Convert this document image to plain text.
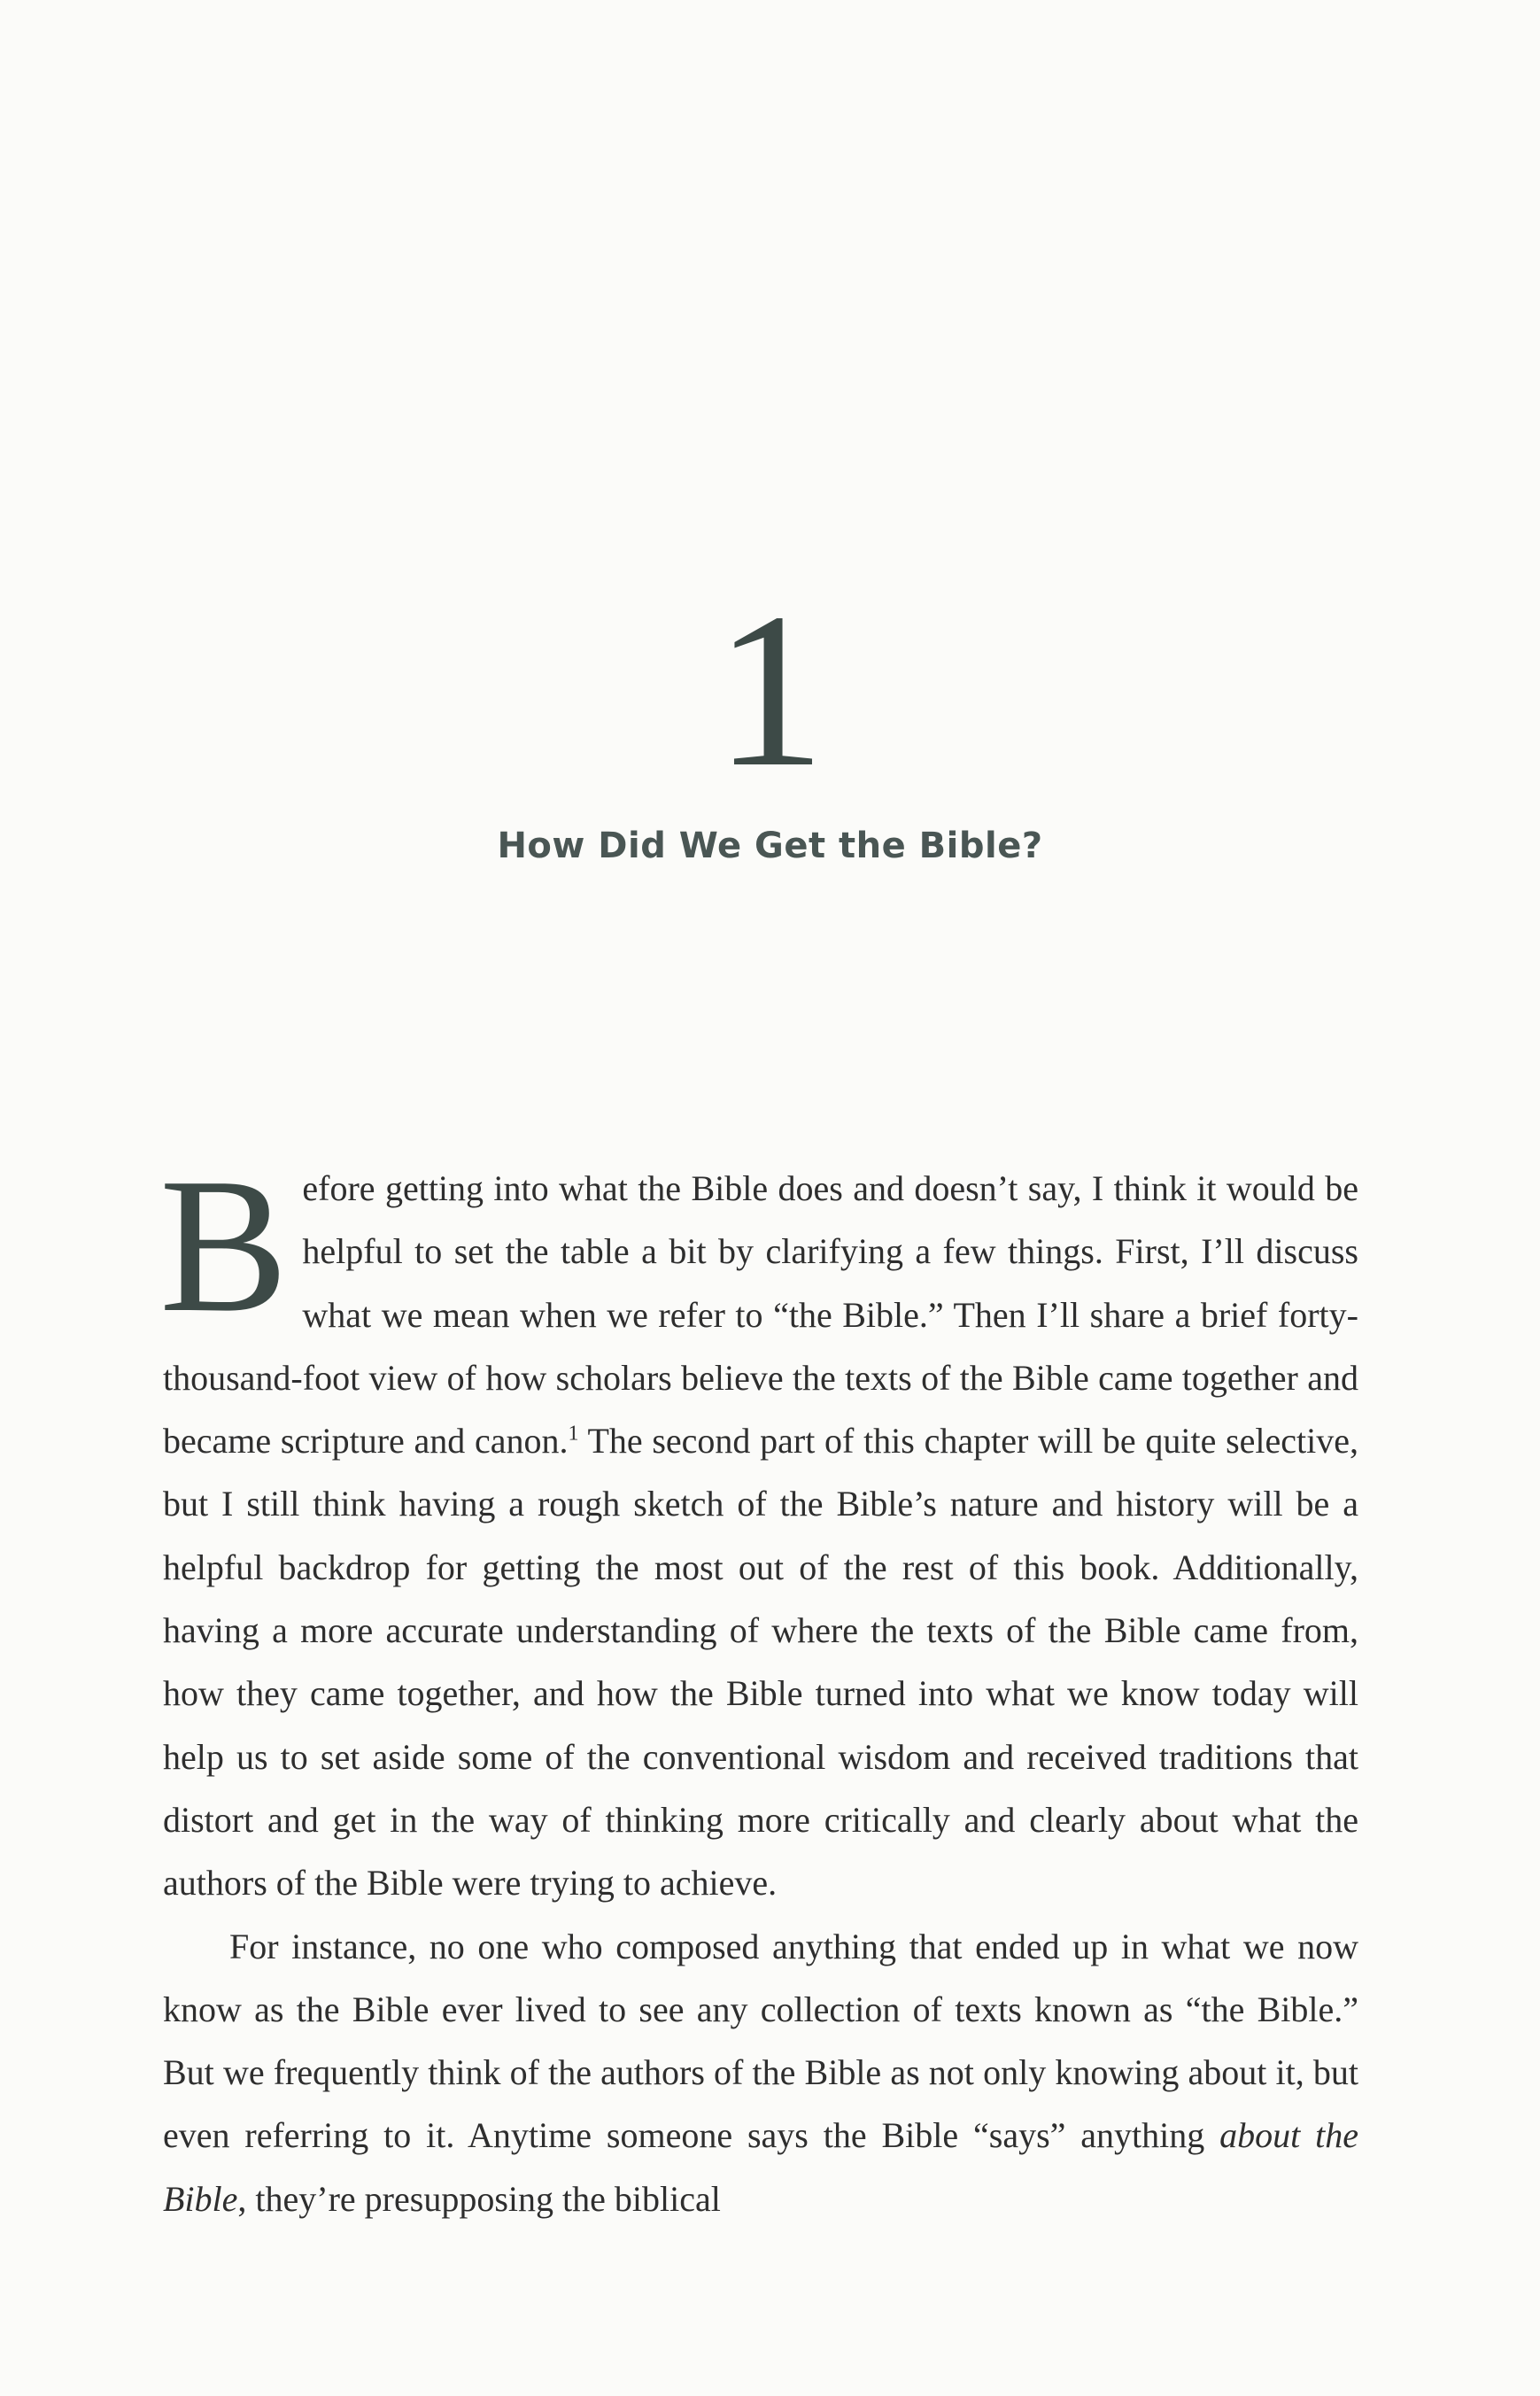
1
How Did We Get the Bible?

Before getting into what the Bible does and doesn’t say, I think it would be helpful to set the table a bit by clarifying a few things. First, I’ll discuss what we mean when we refer to “the Bible.” Then I’ll share a brief forty-thousand-foot view of how scholars believe the texts of the Bible came together and became scripture and canon.$^1$ The second part of this chapter will be quite selective, but I still think having a rough sketch of the Bible’s nature and history will be a helpful backdrop for getting the most out of the rest of this book. Additionally, having a more accurate understanding of where the texts of the Bible came from, how they came together, and how the Bible turned into what we know today will help us to set aside some of the conventional wisdom and received traditions that distort and get in the way of thinking more critically and clearly about what the authors of the Bible were trying to achieve.

For instance, no one who composed anything that ended up in what we now know as the Bible ever lived to see any collection of texts known as “the Bible.” But we frequently think of the authors of the Bible as not only knowing about it, but even referring to it. Anytime someone says the Bible “says” anything about the Bible, they’re presupposing the biblical
